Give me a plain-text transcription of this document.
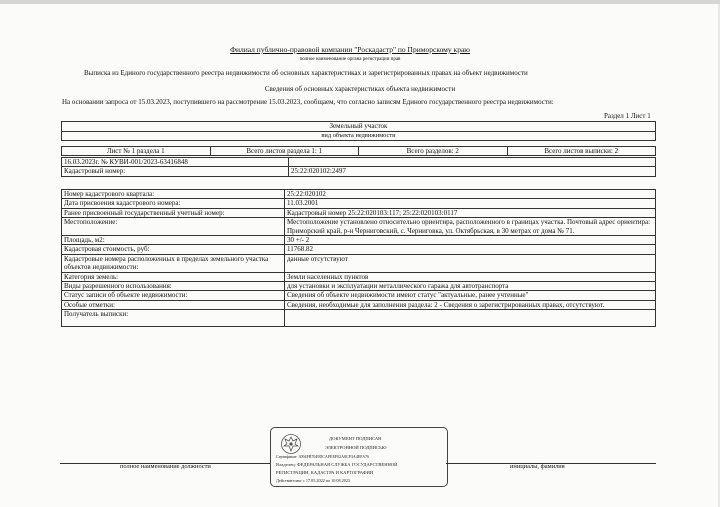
Филиал публично-правовой компании "Роскадастр" по Приморскому краю
полное наименование органа регистрации прав
Выписка из Единого государственного реестра недвижимости об основных характеристиках и зарегистрированных правах на объект недвижимости
Сведения об основных характеристиках объекта недвижимости
На основании запроса от 15.03.2023, поступившего на рассмотрение 15.03.2023, сообщаем, что согласно записям Единого государственного реестра недвижимости:
Раздел 1 Лист 1
Земельный участок
вид объекта недвижимости
Лист № 1 раздела 1	Всего листов раздела 1: 1	Всего разделов: 2	Всего листов выписки: 2
16.03.2023г. № КУВИ-001/2023-63416848	
Кадастровый номер:	25:22:020102:2497
Номер кадастрового квартала:	25:22:020102
Дата присвоения кадастрового номера:	11.03.2001
Ранее присвоенный государственный учетный номер:	Кадастровый номер 25:22:020103:117; 25:22:020103:0117
Местоположение:	Местоположение установлено относительно ориентира, расположенного в границах участка. Почтовый адрес ориентира: Приморский край, р-н Черниговский, с. Черниговка, ул. Октябрьская, в 30 метрах от дома № 71.
Площадь, м2:	30 +/- 2
Кадастровая стоимость, руб:	11768.82
Кадастровые номера расположенных в пределах земельного участка объектов недвижимости:	данные отсутствуют
Категория земель:	Земли населенных пунктов
Виды разрешенного использования:	для установки и эксплуатации металлического гаража для автотранспорта
Статус записи об объекте недвижимости:	Сведения об объекте недвижимости имеют статус "актуальные, ранее учтенные"
Особые отметки:	Сведения, необходимые для заполнения раздела: 2 - Сведения о зарегистрированных правах, отсутствуют.
Получатель выписки:	
ДОКУМЕНТ ПОДПИСАН
ЭЛЕКТРОННОЙ ПОДПИСЬЮ
Сертификат: 3094FB7049DCAFEEF02A8CF3A4EFA76
Владелец: ФЕДЕРАЛЬНАЯ СЛУЖБА ГОСУДАРСТВЕННОЙ
РЕГИСТРАЦИИ, КАДАСТРА И КАРТОГРАФИИ
Действителен: с 17.05.2022 по 10.08.2023
полное наименование должности	инициалы, фамилия
